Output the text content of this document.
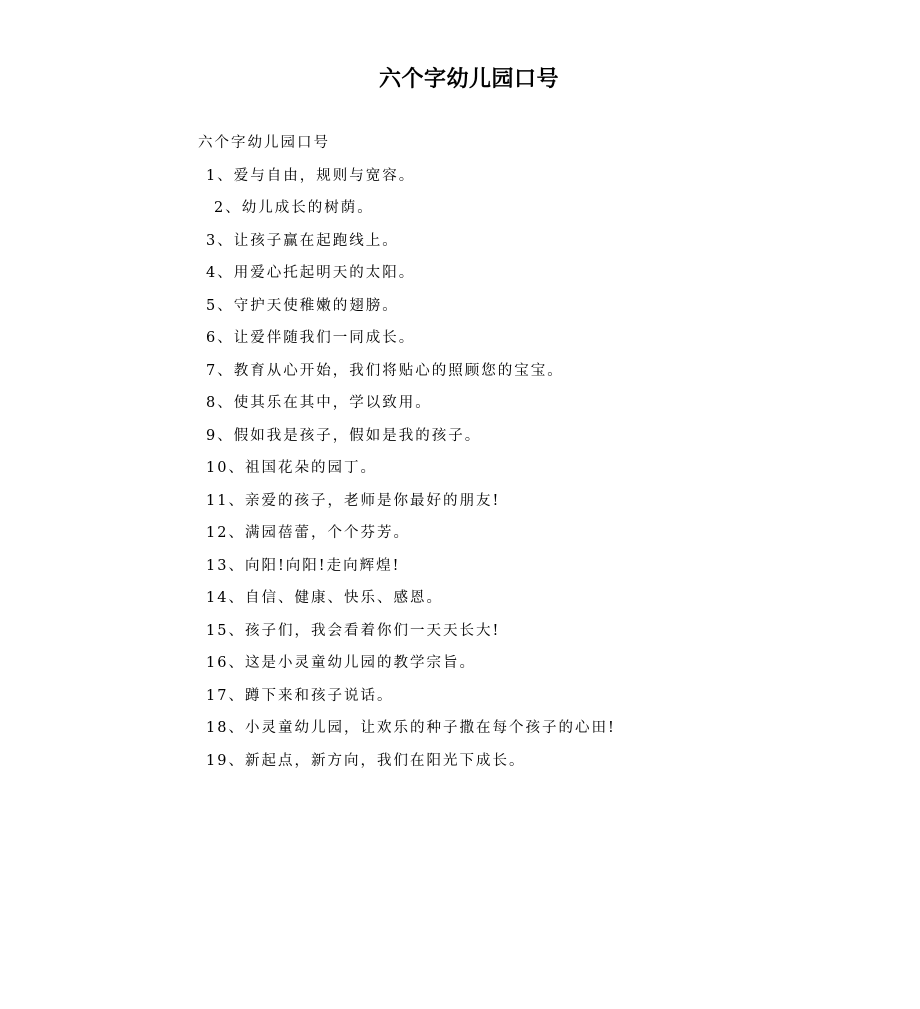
六个字幼儿园口号
六个字幼儿园口号
1、爱与自由，规则与宽容。
2、幼儿成长的树荫。
3、让孩子赢在起跑线上。
4、用爱心托起明天的太阳。
5、守护天使稚嫩的翅膀。
6、让爱伴随我们一同成长。
7、教育从心开始，我们将贴心的照顾您的宝宝。
8、使其乐在其中，学以致用。
9、假如我是孩子，假如是我的孩子。
10、祖国花朵的园丁。
11、亲爱的孩子，老师是你最好的朋友!
12、满园蓓蕾，个个芬芳。
13、向阳!向阳!走向辉煌!
14、自信、健康、快乐、感恩。
15、孩子们，我会看着你们一天天长大!
16、这是小灵童幼儿园的教学宗旨。
17、蹲下来和孩子说话。
18、小灵童幼儿园，让欢乐的种子撒在每个孩子的心田!
19、新起点，新方向，我们在阳光下成长。
